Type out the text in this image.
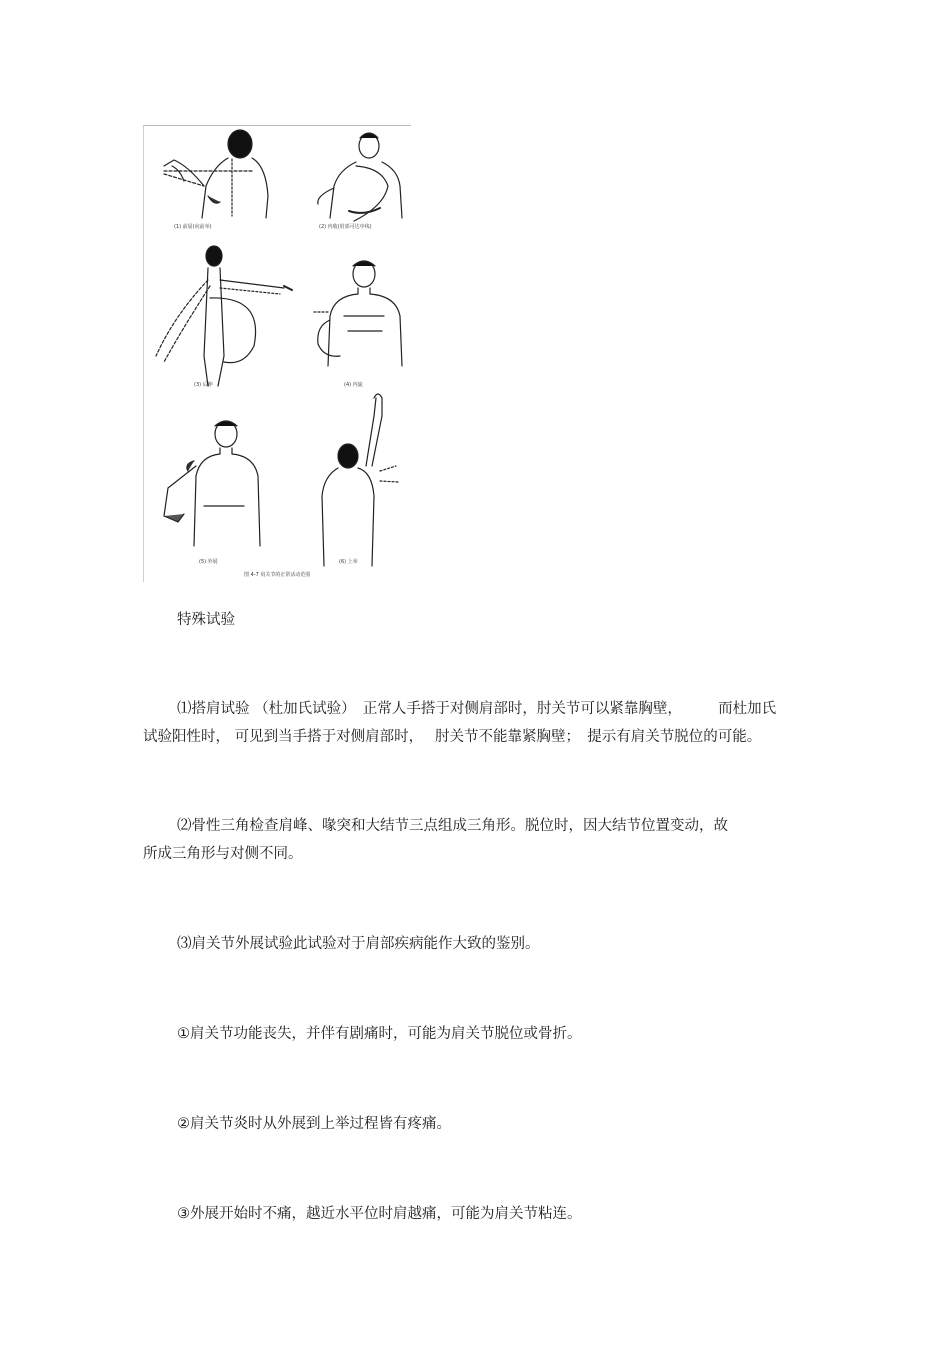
(1) 前屈(向前举)	(2) 内收(肘部可达中线)
(3) 后伸	(4) 内旋
(5) 外展	(6) 上举
图 4-7 肩关节的正常活动范围

特殊试验

⑴搭肩试验 （杜加氏试验）　正常人手搭于对侧肩部时，肘关节可以紧靠胸壁，　　　而杜加氏
试验阳性时， 可见到当手搭于对侧肩部时，　 肘关节不能靠紧胸壁；　提示有肩关节脱位的可能。
⑵骨性三角检查肩峰、喙突和大结节三点组成三角形。脱位时，因大结节位置变动，故
所成三角形与对侧不同。

⑶肩关节外展试验此试验对于肩部疾病能作大致的鉴别。

①肩关节功能丧失，并伴有剧痛时，可能为肩关节脱位或骨折。

②肩关节炎时从外展到上举过程皆有疼痛。

③外展开始时不痛，越近水平位时肩越痛，可能为肩关节粘连。
